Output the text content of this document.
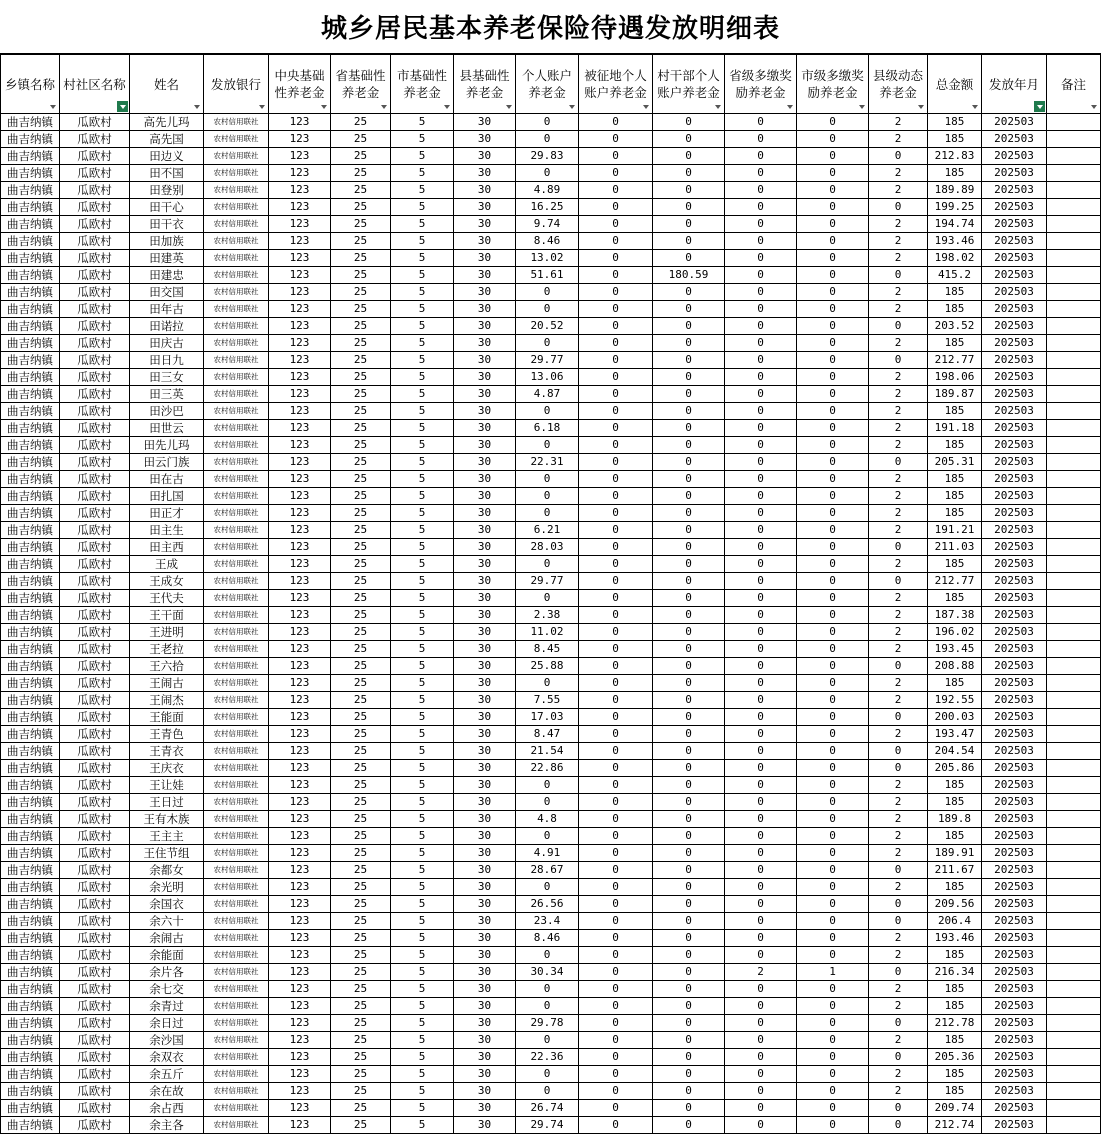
城乡居民基本养老保险待遇发放明细表
乡镇名称	村社区名称	姓名	发放银行	中央基础性养老金	省基础性养老金	市基础性养老金	县基础性养老金	个人账户养老金	被征地个人账户养老金	村干部个人账户养老金	省级多缴奖励养老金	市级多缴奖励养老金	县级动态养老金	总金额	发放年月	备注

曲吉纳镇	瓜欧村	高先儿玛	农村信用联社	123	25	5	30	0	0	0	0	0	2	185	202503	
曲吉纳镇	瓜欧村	高先国	农村信用联社	123	25	5	30	0	0	0	0	0	2	185	202503	
曲吉纳镇	瓜欧村	田边义	农村信用联社	123	25	5	30	29.83	0	0	0	0	0	212.83	202503	
曲吉纳镇	瓜欧村	田不国	农村信用联社	123	25	5	30	0	0	0	0	0	2	185	202503	
曲吉纳镇	瓜欧村	田登别	农村信用联社	123	25	5	30	4.89	0	0	0	0	2	189.89	202503	
曲吉纳镇	瓜欧村	田干心	农村信用联社	123	25	5	30	16.25	0	0	0	0	0	199.25	202503	
曲吉纳镇	瓜欧村	田干衣	农村信用联社	123	25	5	30	9.74	0	0	0	0	2	194.74	202503	
曲吉纳镇	瓜欧村	田加族	农村信用联社	123	25	5	30	8.46	0	0	0	0	2	193.46	202503	
曲吉纳镇	瓜欧村	田建英	农村信用联社	123	25	5	30	13.02	0	0	0	0	2	198.02	202503	
曲吉纳镇	瓜欧村	田建忠	农村信用联社	123	25	5	30	51.61	0	180.59	0	0	0	415.2	202503	
曲吉纳镇	瓜欧村	田交国	农村信用联社	123	25	5	30	0	0	0	0	0	2	185	202503	
曲吉纳镇	瓜欧村	田年古	农村信用联社	123	25	5	30	0	0	0	0	0	2	185	202503	
曲吉纳镇	瓜欧村	田诺拉	农村信用联社	123	25	5	30	20.52	0	0	0	0	0	203.52	202503	
曲吉纳镇	瓜欧村	田庆古	农村信用联社	123	25	5	30	0	0	0	0	0	2	185	202503	
曲吉纳镇	瓜欧村	田日九	农村信用联社	123	25	5	30	29.77	0	0	0	0	0	212.77	202503	
曲吉纳镇	瓜欧村	田三女	农村信用联社	123	25	5	30	13.06	0	0	0	0	2	198.06	202503	
曲吉纳镇	瓜欧村	田三英	农村信用联社	123	25	5	30	4.87	0	0	0	0	2	189.87	202503	
曲吉纳镇	瓜欧村	田沙巴	农村信用联社	123	25	5	30	0	0	0	0	0	2	185	202503	
曲吉纳镇	瓜欧村	田世云	农村信用联社	123	25	5	30	6.18	0	0	0	0	2	191.18	202503	
曲吉纳镇	瓜欧村	田先儿玛	农村信用联社	123	25	5	30	0	0	0	0	0	2	185	202503	
曲吉纳镇	瓜欧村	田云门族	农村信用联社	123	25	5	30	22.31	0	0	0	0	0	205.31	202503	
曲吉纳镇	瓜欧村	田在古	农村信用联社	123	25	5	30	0	0	0	0	0	2	185	202503	
曲吉纳镇	瓜欧村	田扎国	农村信用联社	123	25	5	30	0	0	0	0	0	2	185	202503	
曲吉纳镇	瓜欧村	田正才	农村信用联社	123	25	5	30	0	0	0	0	0	2	185	202503	
曲吉纳镇	瓜欧村	田主生	农村信用联社	123	25	5	30	6.21	0	0	0	0	2	191.21	202503	
曲吉纳镇	瓜欧村	田主西	农村信用联社	123	25	5	30	28.03	0	0	0	0	0	211.03	202503	
曲吉纳镇	瓜欧村	王成	农村信用联社	123	25	5	30	0	0	0	0	0	2	185	202503	
曲吉纳镇	瓜欧村	王成女	农村信用联社	123	25	5	30	29.77	0	0	0	0	0	212.77	202503	
曲吉纳镇	瓜欧村	王代夫	农村信用联社	123	25	5	30	0	0	0	0	0	2	185	202503	
曲吉纳镇	瓜欧村	王干面	农村信用联社	123	25	5	30	2.38	0	0	0	0	2	187.38	202503	
曲吉纳镇	瓜欧村	王进明	农村信用联社	123	25	5	30	11.02	0	0	0	0	2	196.02	202503	
曲吉纳镇	瓜欧村	王老拉	农村信用联社	123	25	5	30	8.45	0	0	0	0	2	193.45	202503	
曲吉纳镇	瓜欧村	王六拾	农村信用联社	123	25	5	30	25.88	0	0	0	0	0	208.88	202503	
曲吉纳镇	瓜欧村	王闹古	农村信用联社	123	25	5	30	0	0	0	0	0	2	185	202503	
曲吉纳镇	瓜欧村	王闹杰	农村信用联社	123	25	5	30	7.55	0	0	0	0	2	192.55	202503	
曲吉纳镇	瓜欧村	王能面	农村信用联社	123	25	5	30	17.03	0	0	0	0	0	200.03	202503	
曲吉纳镇	瓜欧村	王青色	农村信用联社	123	25	5	30	8.47	0	0	0	0	2	193.47	202503	
曲吉纳镇	瓜欧村	王青衣	农村信用联社	123	25	5	30	21.54	0	0	0	0	0	204.54	202503	
曲吉纳镇	瓜欧村	王庆衣	农村信用联社	123	25	5	30	22.86	0	0	0	0	0	205.86	202503	
曲吉纳镇	瓜欧村	王让娃	农村信用联社	123	25	5	30	0	0	0	0	0	2	185	202503	
曲吉纳镇	瓜欧村	王日过	农村信用联社	123	25	5	30	0	0	0	0	0	2	185	202503	
曲吉纳镇	瓜欧村	王有木族	农村信用联社	123	25	5	30	4.8	0	0	0	0	2	189.8	202503	
曲吉纳镇	瓜欧村	王主主	农村信用联社	123	25	5	30	0	0	0	0	0	2	185	202503	
曲吉纳镇	瓜欧村	王住节组	农村信用联社	123	25	5	30	4.91	0	0	0	0	2	189.91	202503	
曲吉纳镇	瓜欧村	余都女	农村信用联社	123	25	5	30	28.67	0	0	0	0	0	211.67	202503	
曲吉纳镇	瓜欧村	余光明	农村信用联社	123	25	5	30	0	0	0	0	0	2	185	202503	
曲吉纳镇	瓜欧村	余国衣	农村信用联社	123	25	5	30	26.56	0	0	0	0	0	209.56	202503	
曲吉纳镇	瓜欧村	余六十	农村信用联社	123	25	5	30	23.4	0	0	0	0	0	206.4	202503	
曲吉纳镇	瓜欧村	余闹古	农村信用联社	123	25	5	30	8.46	0	0	0	0	2	193.46	202503	
曲吉纳镇	瓜欧村	余能面	农村信用联社	123	25	5	30	0	0	0	0	0	2	185	202503	
曲吉纳镇	瓜欧村	余片各	农村信用联社	123	25	5	30	30.34	0	0	2	1	0	216.34	202503	
曲吉纳镇	瓜欧村	余七交	农村信用联社	123	25	5	30	0	0	0	0	0	2	185	202503	
曲吉纳镇	瓜欧村	余青过	农村信用联社	123	25	5	30	0	0	0	0	0	2	185	202503	
曲吉纳镇	瓜欧村	余日过	农村信用联社	123	25	5	30	29.78	0	0	0	0	0	212.78	202503	
曲吉纳镇	瓜欧村	余沙国	农村信用联社	123	25	5	30	0	0	0	0	0	2	185	202503	
曲吉纳镇	瓜欧村	余双衣	农村信用联社	123	25	5	30	22.36	0	0	0	0	0	205.36	202503	
曲吉纳镇	瓜欧村	余五斤	农村信用联社	123	25	5	30	0	0	0	0	0	2	185	202503	
曲吉纳镇	瓜欧村	余在故	农村信用联社	123	25	5	30	0	0	0	0	0	2	185	202503	
曲吉纳镇	瓜欧村	余占西	农村信用联社	123	25	5	30	26.74	0	0	0	0	0	209.74	202503	
曲吉纳镇	瓜欧村	余主各	农村信用联社	123	25	5	30	29.74	0	0	0	0	0	212.74	202503	
